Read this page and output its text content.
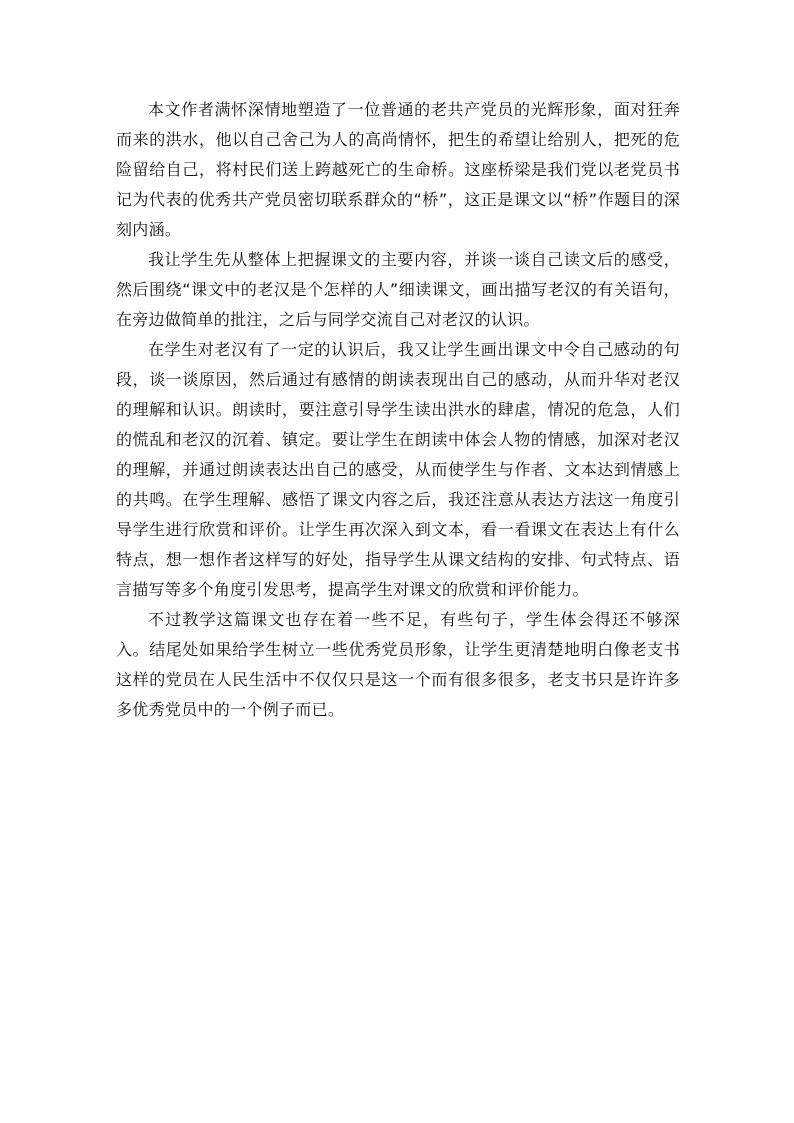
本文作者满怀深情地塑造了一位普通的老共产党员的光辉形象，面对狂奔而来的洪水，他以自己舍己为人的高尚情怀，把生的希望让给别人，把死的危险留给自己，将村民们送上跨越死亡的生命桥。这座桥梁是我们党以老党员书记为代表的优秀共产党员密切联系群众的“桥”，这正是课文以“桥”作题目的深刻内涵。

我让学生先从整体上把握课文的主要内容，并谈一谈自己读文后的感受，然后围绕“课文中的老汉是个怎样的人”细读课文，画出描写老汉的有关语句，在旁边做简单的批注，之后与同学交流自己对老汉的认识。

在学生对老汉有了一定的认识后，我又让学生画出课文中令自己感动的句段，谈一谈原因，然后通过有感情的朗读表现出自己的感动，从而升华对老汉的理解和认识。朗读时，要注意引导学生读出洪水的肆虐，情况的危急，人们的慌乱和老汉的沉着、镇定。要让学生在朗读中体会人物的情感，加深对老汉的理解，并通过朗读表达出自己的感受，从而使学生与作者、文本达到情感上的共鸣。在学生理解、感悟了课文内容之后，我还注意从表达方法这一角度引导学生进行欣赏和评价。让学生再次深入到文本，看一看课文在表达上有什么特点，想一想作者这样写的好处，指导学生从课文结构的安排、句式特点、语言描写等多个角度引发思考，提高学生对课文的欣赏和评价能力。

不过教学这篇课文也存在着一些不足，有些句子，学生体会得还不够深入。结尾处如果给学生树立一些优秀党员形象，让学生更清楚地明白像老支书这样的党员在人民生活中不仅仅只是这一个而有很多很多，老支书只是许许多多优秀党员中的一个例子而已。
